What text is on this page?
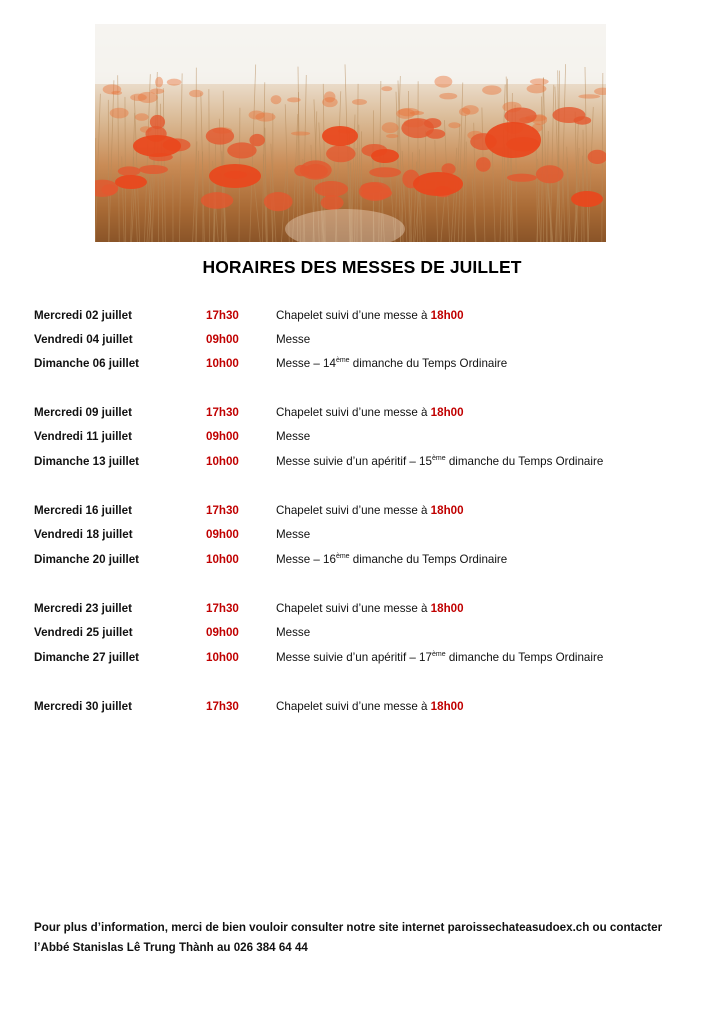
HORAIRES DES MESSES DE JUILLET
Mercredi 02 juillet	17h30	Chapelet suivi d’une messe à 18h00
Vendredi 04 juillet	09h00	Messe
Dimanche 06 juillet	10h00	Messe – 14ème dimanche du Temps Ordinaire
Mercredi 09 juillet	17h30	Chapelet suivi d’une messe à 18h00
Vendredi 11 juillet	09h00	Messe
Dimanche 13 juillet	10h00	Messe suivie d’un apéritif – 15ème dimanche du Temps Ordinaire
Mercredi 16 juillet	17h30	Chapelet suivi d’une messe à 18h00
Vendredi 18 juillet	09h00	Messe
Dimanche 20 juillet	10h00	Messe – 16ème dimanche du Temps Ordinaire
Mercredi 23 juillet	17h30	Chapelet suivi d’une messe à 18h00
Vendredi 25 juillet	09h00	Messe
Dimanche 27 juillet	10h00	Messe suivie d’un apéritif – 17ème dimanche du Temps Ordinaire
Mercredi 30 juillet	17h30	Chapelet suivi d’une messe à 18h00
Pour plus d’information, merci de bien vouloir consulter notre site internet paroissechateasudoex.ch ou contacter
l’Abbé Stanislas Lê Trung Thành au 026 384 64 44
